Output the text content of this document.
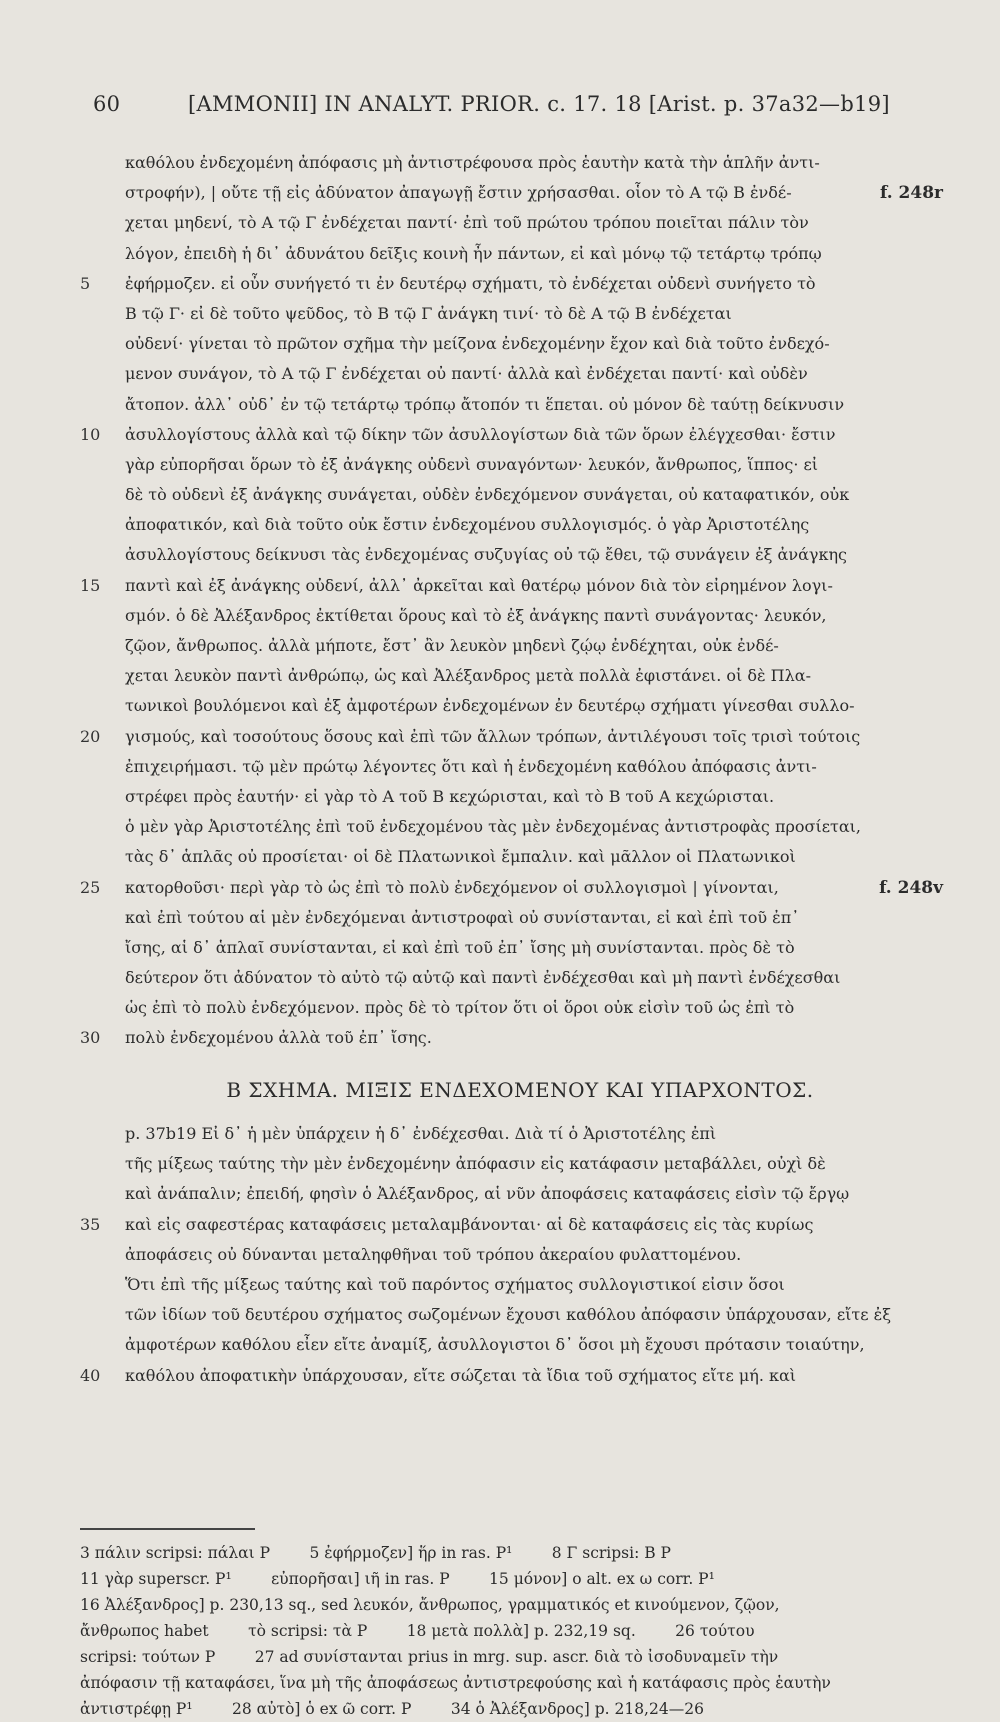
60	[AMMONII] IN ANALYT. PRIOR. c. 17. 18 [Arist. p. 37a32—b19]
καθόλου ἐνδεχομένη ἀπόφασις μὴ ἀντιστρέφουσα πρὸς ἑαυτὴν κατὰ τὴν ἁπλῆν ἀντι-
στροφήν), | οὔτε τῇ εἰς ἀδύνατον ἀπαγωγῇ ἔστιν χρήσασθαι. οἷον τὸ Α τῷ Β ἐνδέ-	f. 248r
χεται μηδενί, τὸ Α τῷ Γ ἐνδέχεται παντί· ἐπὶ τοῦ πρώτου τρόπου ποιεῖται πάλιν τὸν
λόγον, ἐπειδὴ ἡ δι᾽ ἀδυνάτου δεῖξις κοινὴ ἦν πάντων, εἰ καὶ μόνῳ τῷ τετάρτῳ τρόπῳ
5	ἐφήρμοζεν. εἰ οὖν συνήγετό τι ἐν δευτέρῳ σχήματι, τὸ ἐνδέχεται οὐδενὶ συνήγετο τὸ
Β τῷ Γ· εἰ δὲ τοῦτο ψεῦδος, τὸ Β τῷ Γ ἀνάγκη τινί· τὸ δὲ Α τῷ Β ἐνδέχεται
οὐδενί· γίνεται τὸ πρῶτον σχῆμα τὴν μείζονα ἐνδεχομένην ἔχον καὶ διὰ τοῦτο ἐνδεχό-
μενον συνάγον, τὸ Α τῷ Γ ἐνδέχεται οὐ παντί· ἀλλὰ καὶ ἐνδέχεται παντί· καὶ οὐδὲν
ἄτοπον. ἀλλ᾽ οὐδ᾽ ἐν τῷ τετάρτῳ τρόπῳ ἄτοπόν τι ἕπεται. οὐ μόνον δὲ ταύτῃ δείκνυσιν
10	ἀσυλλογίστους ἀλλὰ καὶ τῷ δίκην τῶν ἀσυλλογίστων διὰ τῶν ὅρων ἐλέγχεσθαι· ἔστιν
γὰρ εὐπορῆσαι ὅρων τὸ ἐξ ἀνάγκης οὐδενὶ συναγόντων· λευκόν, ἄνθρωπος, ἵππος· εἰ
δὲ τὸ οὐδενὶ ἐξ ἀνάγκης συνάγεται, οὐδὲν ἐνδεχόμενον συνάγεται, οὐ καταφατικόν, οὐκ
ἀποφατικόν, καὶ διὰ τοῦτο οὐκ ἔστιν ἐνδεχομένου συλλογισμός. ὁ γὰρ Ἀριστοτέλης
ἀσυλλογίστους δείκνυσι τὰς ἐνδεχομένας συζυγίας οὐ τῷ ἔθει, τῷ συνάγειν ἐξ ἀνάγκης
15	παντὶ καὶ ἐξ ἀνάγκης οὐδενί, ἀλλ᾽ ἀρκεῖται καὶ θατέρῳ μόνον διὰ τὸν εἰρημένον λογι-
σμόν. ὁ δὲ Ἀλέξανδρος ἐκτίθεται ὅρους καὶ τὸ ἐξ ἀνάγκης παντὶ συνάγοντας· λευκόν,
ζῷον, ἄνθρωπος. ἀλλὰ μήποτε, ἔστ᾽ ἂν λευκὸν μηδενὶ ζῴῳ ἐνδέχηται, οὐκ ἐνδέ-
χεται λευκὸν παντὶ ἀνθρώπῳ, ὡς καὶ Ἀλέξανδρος μετὰ πολλὰ ἐφιστάνει. οἱ δὲ Πλα-
τωνικοὶ βουλόμενοι καὶ ἐξ ἀμφοτέρων ἐνδεχομένων ἐν δευτέρῳ σχήματι γίνεσθαι συλλο-
20	γισμούς, καὶ τοσούτους ὅσους καὶ ἐπὶ τῶν ἄλλων τρόπων, ἀντιλέγουσι τοῖς τρισὶ τούτοις
ἐπιχειρήμασι. τῷ μὲν πρώτῳ λέγοντες ὅτι καὶ ἡ ἐνδεχομένη καθόλου ἀπόφασις ἀντι-
στρέφει πρὸς ἑαυτήν· εἰ γὰρ τὸ Α τοῦ Β κεχώρισται, καὶ τὸ Β τοῦ Α κεχώρισται.
ὁ μὲν γὰρ Ἀριστοτέλης ἐπὶ τοῦ ἐνδεχομένου τὰς μὲν ἐνδεχομένας ἀντιστροφὰς προσίεται,
τὰς δ᾽ ἁπλᾶς οὐ προσίεται· οἱ δὲ Πλατωνικοὶ ἔμπαλιν. καὶ μᾶλλον οἱ Πλατωνικοὶ
25	κατορθοῦσι· περὶ γὰρ τὸ ὡς ἐπὶ τὸ πολὺ ἐνδεχόμενον οἱ συλλογισμοὶ | γίνονται,	f. 248v
καὶ ἐπὶ τούτου αἱ μὲν ἐνδεχόμεναι ἀντιστροφαὶ οὐ συνίστανται, εἰ καὶ ἐπὶ τοῦ ἐπ᾽
ἴσης, αἱ δ᾽ ἁπλαῖ συνίστανται, εἰ καὶ ἐπὶ τοῦ ἐπ᾽ ἴσης μὴ συνίστανται. πρὸς δὲ τὸ
δεύτερον ὅτι ἀδύνατον τὸ αὐτὸ τῷ αὐτῷ καὶ παντὶ ἐνδέχεσθαι καὶ μὴ παντὶ ἐνδέχεσθαι
ὡς ἐπὶ τὸ πολὺ ἐνδεχόμενον. πρὸς δὲ τὸ τρίτον ὅτι οἱ ὅροι οὐκ εἰσὶν τοῦ ὡς ἐπὶ τὸ
30	πολὺ ἐνδεχομένου ἀλλὰ τοῦ ἐπ᾽ ἴσης.
B ΣΧΗΜΑ. ΜΙΞΙΣ ΕΝΔΕΧΟΜΕΝΟΥ ΚΑΙ ΥΠΑΡΧΟΝΤΟΣ.
p. 37b19 Εἰ δ᾽ ἡ μὲν ὑπάρχειν ἡ δ᾽ ἐνδέχεσθαι. Διὰ τί ὁ Ἀριστοτέλης ἐπὶ
τῆς μίξεως ταύτης τὴν μὲν ἐνδεχομένην ἀπόφασιν εἰς κατάφασιν μεταβάλλει, οὐχὶ δὲ
καὶ ἀνάπαλιν; ἐπειδή, φησὶν ὁ Ἀλέξανδρος, αἱ νῦν ἀποφάσεις καταφάσεις εἰσὶν τῷ ἔργῳ
35	καὶ εἰς σαφεστέρας καταφάσεις μεταλαμβάνονται· αἱ δὲ καταφάσεις εἰς τὰς κυρίως
ἀποφάσεις οὐ δύνανται μεταληφθῆναι τοῦ τρόπου ἀκεραίου φυλαττομένου.
Ὅτι ἐπὶ τῆς μίξεως ταύτης καὶ τοῦ παρόντος σχήματος συλλογιστικοί εἰσιν ὅσοι
τῶν ἰδίων τοῦ δευτέρου σχήματος σωζομένων ἔχουσι καθόλου ἀπόφασιν ὑπάρχουσαν, εἴτε ἐξ
ἀμφοτέρων καθόλου εἶεν εἴτε ἀναμίξ, ἀσυλλογιστοι δ᾽ ὅσοι μὴ ἔχουσι πρότασιν τοιαύτην,
40	καθόλου ἀποφατικὴν ὑπάρχουσαν, εἴτε σώζεται τὰ ἴδια τοῦ σχήματος εἴτε μή. καὶ
3 πάλιν scripsi: πάλαι P        5 ἐφήρμοζεν] ἥρ in ras. P¹        8 Γ scripsi: Β P
11 γὰρ superscr. P¹        εὐπορῆσαι] ιῆ in ras. P        15 μόνον] ο alt. ex ω corr. P¹
16 Ἀλέξανδρος] p. 230,13 sq., sed λευκόν, ἄνθρωπος, γραμματικός et κινούμενον, ζῷον,
ἄνθρωπος habet        τὸ scripsi: τὰ P        18 μετὰ πολλὰ] p. 232,19 sq.        26 τούτου
scripsi: τούτων P        27 ad συνίστανται prius in mrg. sup. ascr. διὰ τὸ ἰσοδυναμεῖν τὴν
ἀπόφασιν τῇ καταφάσει, ἵνα μὴ τῆς ἀποφάσεως ἀντιστρεφούσης καὶ ἡ κατάφασις πρὸς ἑαυτὴν
ἀντιστρέφῃ P¹        28 αὐτὸ] ὁ ex ῶ corr. P        34 ὁ Ἀλέξανδρος] p. 218,24—26
